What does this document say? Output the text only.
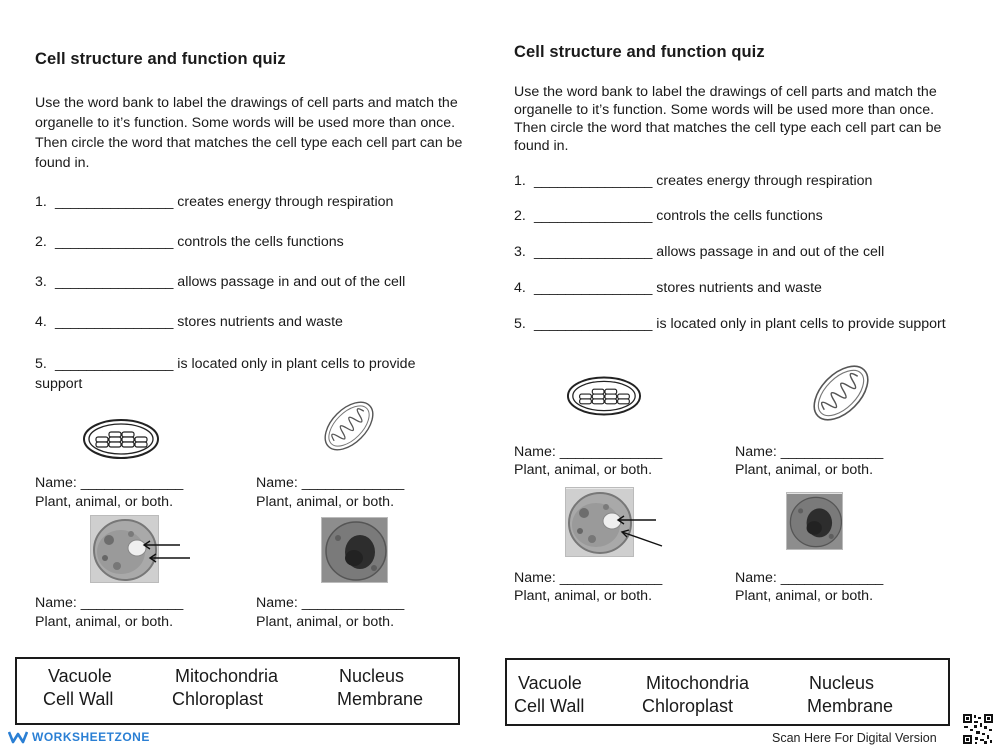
Cell structure and function quiz
Use the word bank to label the drawings of cell parts and match the organelle to it’s function. Some words will be used more than once. Then circle the word that matches the cell type each cell part can be found in.
1. _______________ creates energy through respiration
2. _______________ controls the cells functions
3. _______________ allows passage in and out of the cell
4. _______________ stores nutrients and waste
5. _______________ is located only in plant cells to provide support
Name: _____________
Plant, animal, or both.
Name: _____________
Plant, animal, or both.
Name: _____________
Plant, animal, or both.
Name: _____________
Plant, animal, or both.
Vacuole	Mitochondria	Nucleus
Cell Wall	Chloroplast	Membrane
WORKSHEETZONE
Cell structure and function quiz
Use the word bank to label the drawings of cell parts and match the
organelle to it’s function. Some words will be used more than once.
Then circle the word that matches the cell type each cell part can be
found in.
1. _______________ creates energy through respiration
2. _______________ controls the cells functions
3. _______________ allows passage in and out of the cell
4. _______________ stores nutrients and waste
5. _______________ is located only in plant cells to provide support
Name: _____________
Plant, animal, or both.
Name: _____________
Plant, animal, or both.
Name: _____________
Plant, animal, or both.
Name: _____________
Plant, animal, or both.
Vacuole	Mitochondria	Nucleus
Cell Wall	Chloroplast	Membrane
Scan Here For Digital Version
